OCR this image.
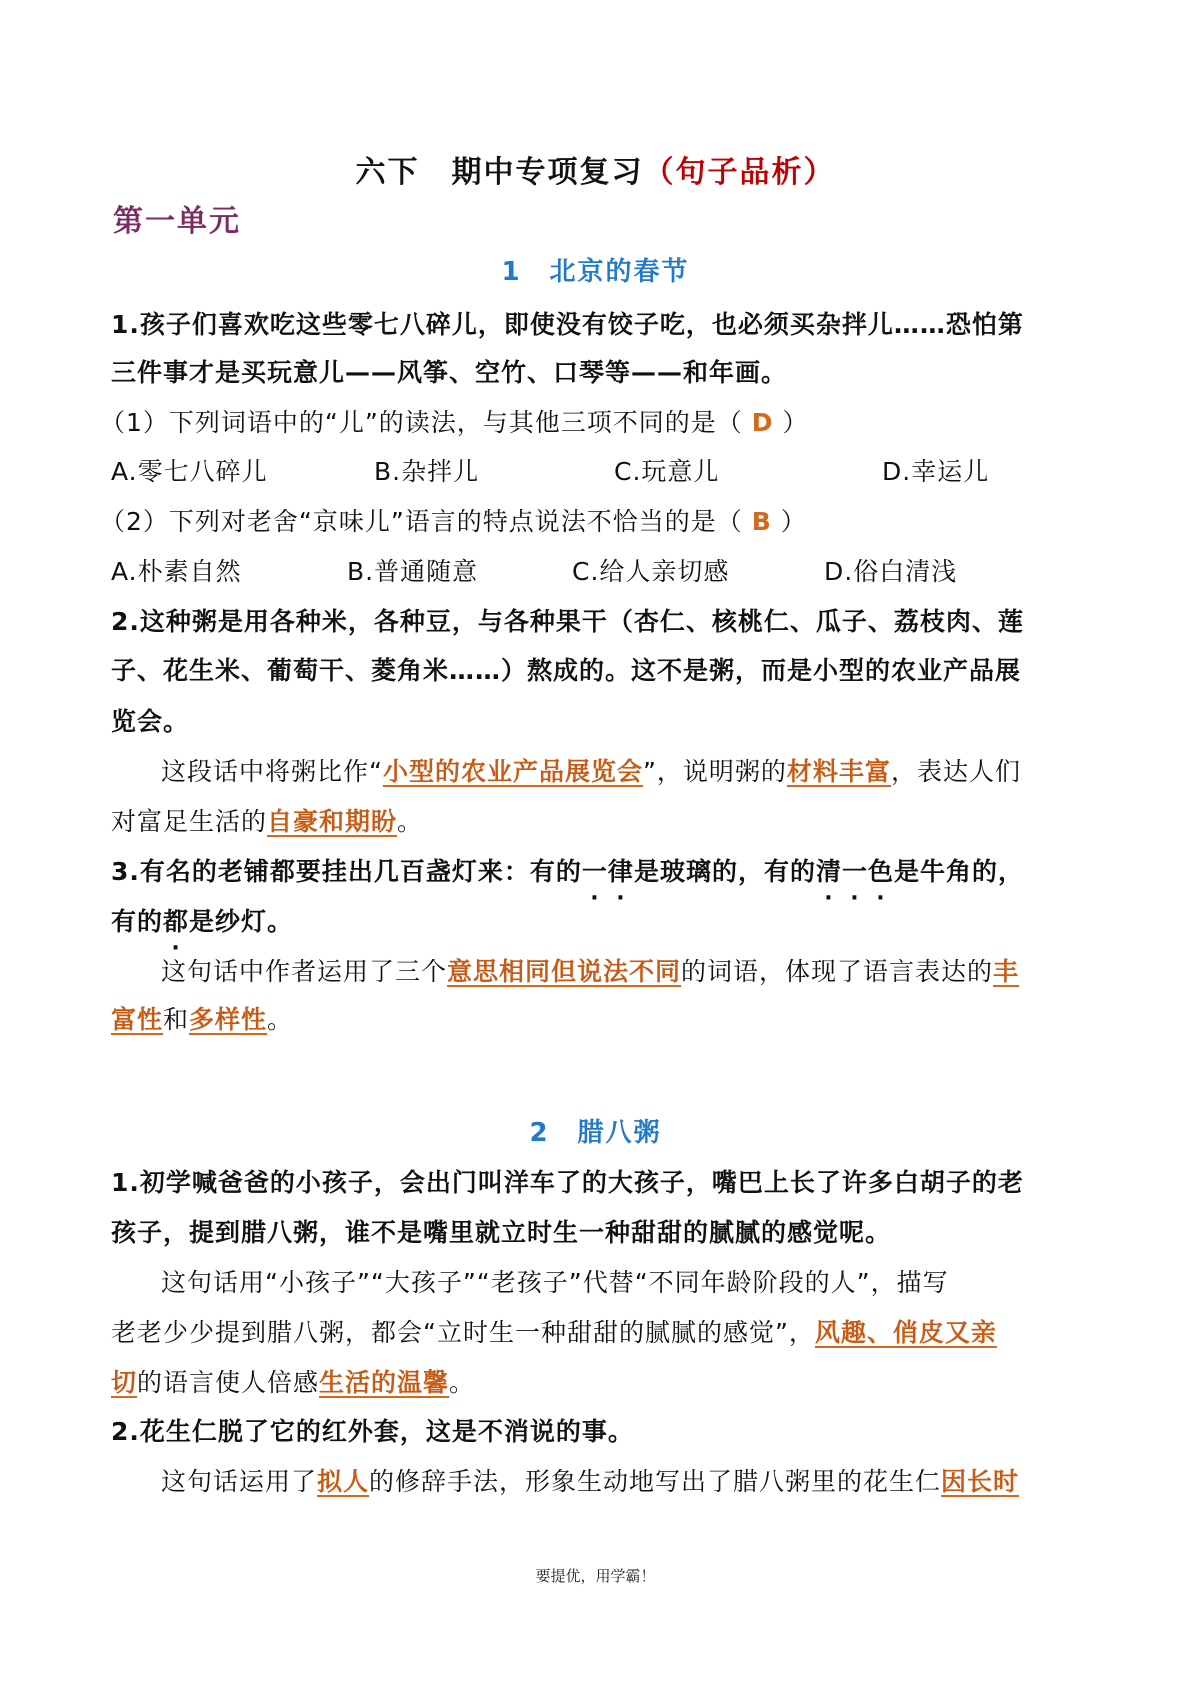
六下　期中专项复习（句子品析）
第一单元
1　北京的春节
1.孩子们喜欢吃这些零七八碎儿，即使没有饺子吃，也必须买杂拌儿……恐怕第
三件事才是买玩意儿——风筝、空竹、口琴等——和年画。
（1）下列词语中的“儿”的读法，与其他三项不同的是（ D ）
A.零七八碎儿	B.杂拌儿	C.玩意儿	D.幸运儿
（2）下列对老舍“京味儿”语言的特点说法不恰当的是（ B ）
A.朴素自然	B.普通随意	C.给人亲切感	D.俗白清浅
2.这种粥是用各种米，各种豆，与各种果干（杏仁、核桃仁、瓜子、荔枝肉、莲
子、花生米、葡萄干、菱角米……）熬成的。这不是粥，而是小型的农业产品展
览会。
这段话中将粥比作“小型的农业产品展览会”，说明粥的材料丰富，表达人们
对富足生活的自豪和期盼。
3.有名的老铺都要挂出几百盏灯来：有的一律是玻璃的，有的清一色是牛角的，
有的都是纱灯。
这句话中作者运用了三个意思相同但说法不同的词语，体现了语言表达的丰
富性和多样性。
2　腊八粥
1.初学喊爸爸的小孩子，会出门叫洋车了的大孩子，嘴巴上长了许多白胡子的老
孩子，提到腊八粥，谁不是嘴里就立时生一种甜甜的腻腻的感觉呢。
这句话用“小孩子”“大孩子”“老孩子”代替“不同年龄阶段的人”，描写
老老少少提到腊八粥，都会“立时生一种甜甜的腻腻的感觉”，风趣、俏皮又亲
切的语言使人倍感生活的温馨。
2.花生仁脱了它的红外套，这是不消说的事。
这句话运用了拟人的修辞手法，形象生动地写出了腊八粥里的花生仁因长时
要提优，用学霸！
